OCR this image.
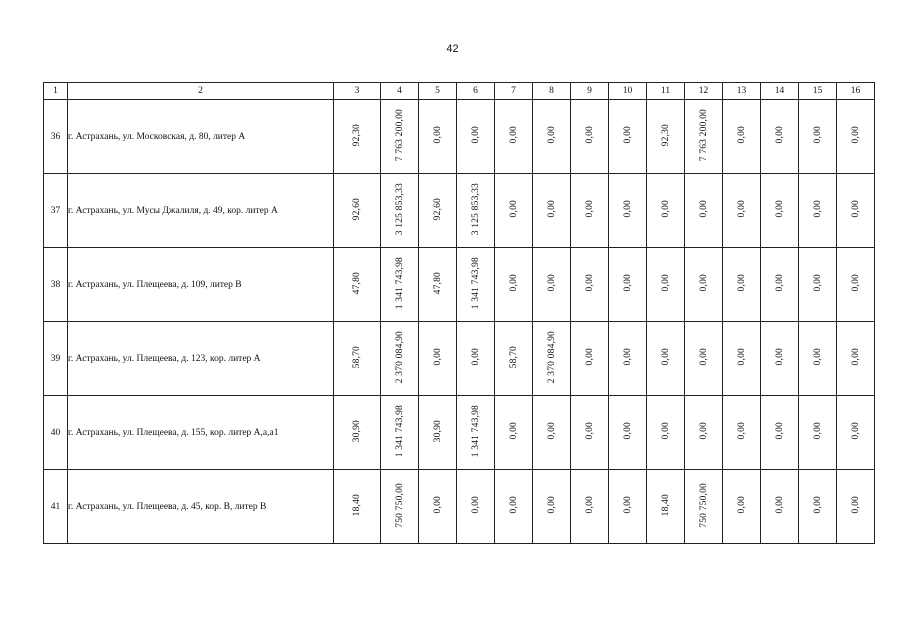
42
1	2	3	4	5	6	7	8	9	10	11	12	13	14	15	16
36	г. Астрахань, ул. Московская, д. 80, литер А	92,30	7 763 200,00	0,00	0,00	0,00	0,00	0,00	0,00	92,30	7 763 200,00	0,00	0,00	0,00	0,00
37	г. Астрахань, ул. Мусы Джалиля, д. 49, кор. литер А	92,60	3 125 853,33	92,60	3 125 853,33	0,00	0,00	0,00	0,00	0,00	0,00	0,00	0,00	0,00	0,00
38	г. Астрахань, ул. Плещеева, д. 109, литер В	47,80	1 341 743,98	47,80	1 341 743,98	0,00	0,00	0,00	0,00	0,00	0,00	0,00	0,00	0,00	0,00
39	г. Астрахань, ул. Плещеева, д. 123, кор. литер А	58,70	2 370 084,90	0,00	0,00	58,70	2 370 084,90	0,00	0,00	0,00	0,00	0,00	0,00	0,00	0,00
40	г. Астрахань, ул. Плещеева, д. 155, кор. литер А,а,а1	30,90	1 341 743,98	30,90	1 341 743,98	0,00	0,00	0,00	0,00	0,00	0,00	0,00	0,00	0,00	0,00
41	г. Астрахань, ул. Плещеева, д. 45, кор. В, литер В	18,40	750 750,00	0,00	0,00	0,00	0,00	0,00	0,00	18,40	750 750,00	0,00	0,00	0,00	0,00
